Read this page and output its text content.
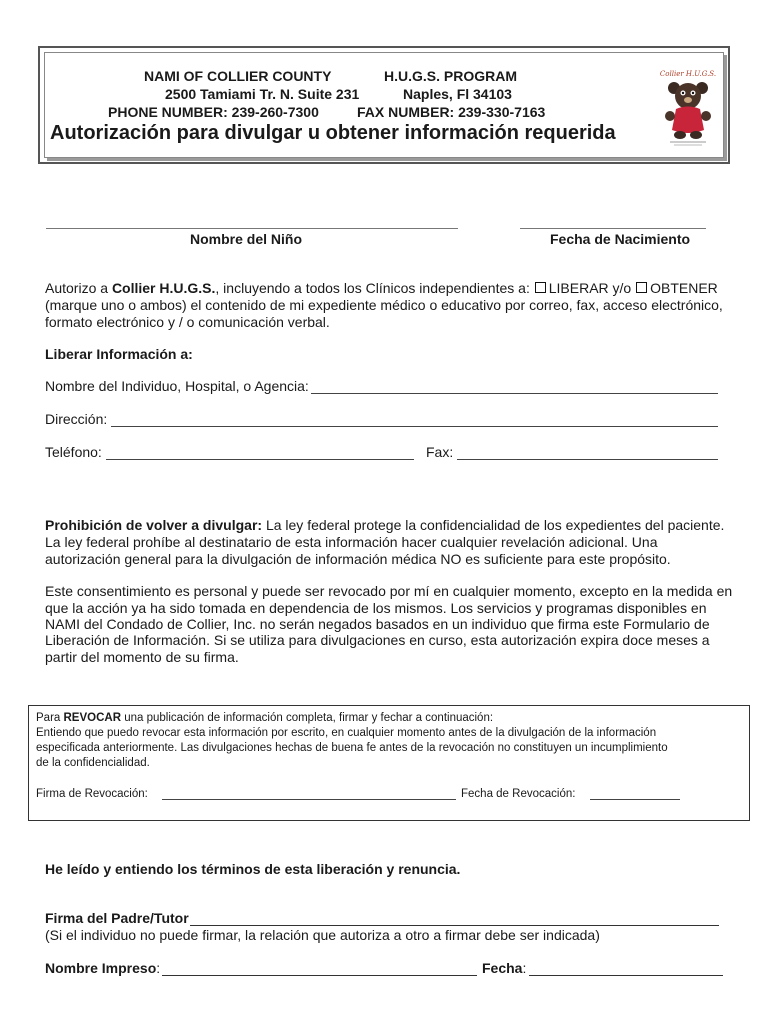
NAMI OF COLLIER COUNTY	H.U.G.S. PROGRAM
2500 Tamiami Tr. N. Suite 231	Naples, Fl 34103
PHONE NUMBER: 239-260-7300	FAX NUMBER: 239-330-7163
Autorización para divulgar u obtener información requerida
Collier H.U.G.S.
Nombre del Niño	Fecha de Nacimiento
Autorizo a Collier H.U.G.S., incluyendo a todos los Clínicos independientes a: LIBERAR y/o OBTENER
(marque uno o ambos) el contenido de mi expediente médico o educativo por correo, fax, acceso electrónico,
formato electrónico y / o comunicación verbal.
Liberar Información a:
Nombre del Individuo, Hospital, o Agencia:
Dirección:
Teléfono:	Fax:
Prohibición de volver a divulgar: La ley federal protege la confidencialidad de los expedientes del paciente.
La ley federal prohíbe al destinatario de esta información hacer cualquier revelación adicional. Una
autorización general para la divulgación de información médica NO es suficiente para este propósito.
Este consentimiento es personal y puede ser revocado por mí en cualquier momento, excepto en la medida en
que la acción ya ha sido tomada en dependencia de los mismos. Los servicios y programas disponibles en
NAMI del Condado de Collier, Inc. no serán negados basados en un individuo que firma este Formulario de
Liberación de Información. Si se utiliza para divulgaciones en curso, esta autorización expira doce meses a
partir del momento de su firma.
Para REVOCAR una publicación de información completa, firmar y fechar a continuación:
Entiendo que puedo revocar esta información por escrito, en cualquier momento antes de la divulgación de la información
especificada anteriormente. Las divulgaciones hechas de buena fe antes de la revocación no constituyen un incumplimiento
de la confidencialidad.
Firma de Revocación:	Fecha de Revocación:
He leído y entiendo los términos de esta liberación y renuncia.
Firma del Padre/Tutor
(Si el individuo no puede firmar, la relación que autoriza a otro a firmar debe ser indicada)
Nombre Impreso:	Fecha:
